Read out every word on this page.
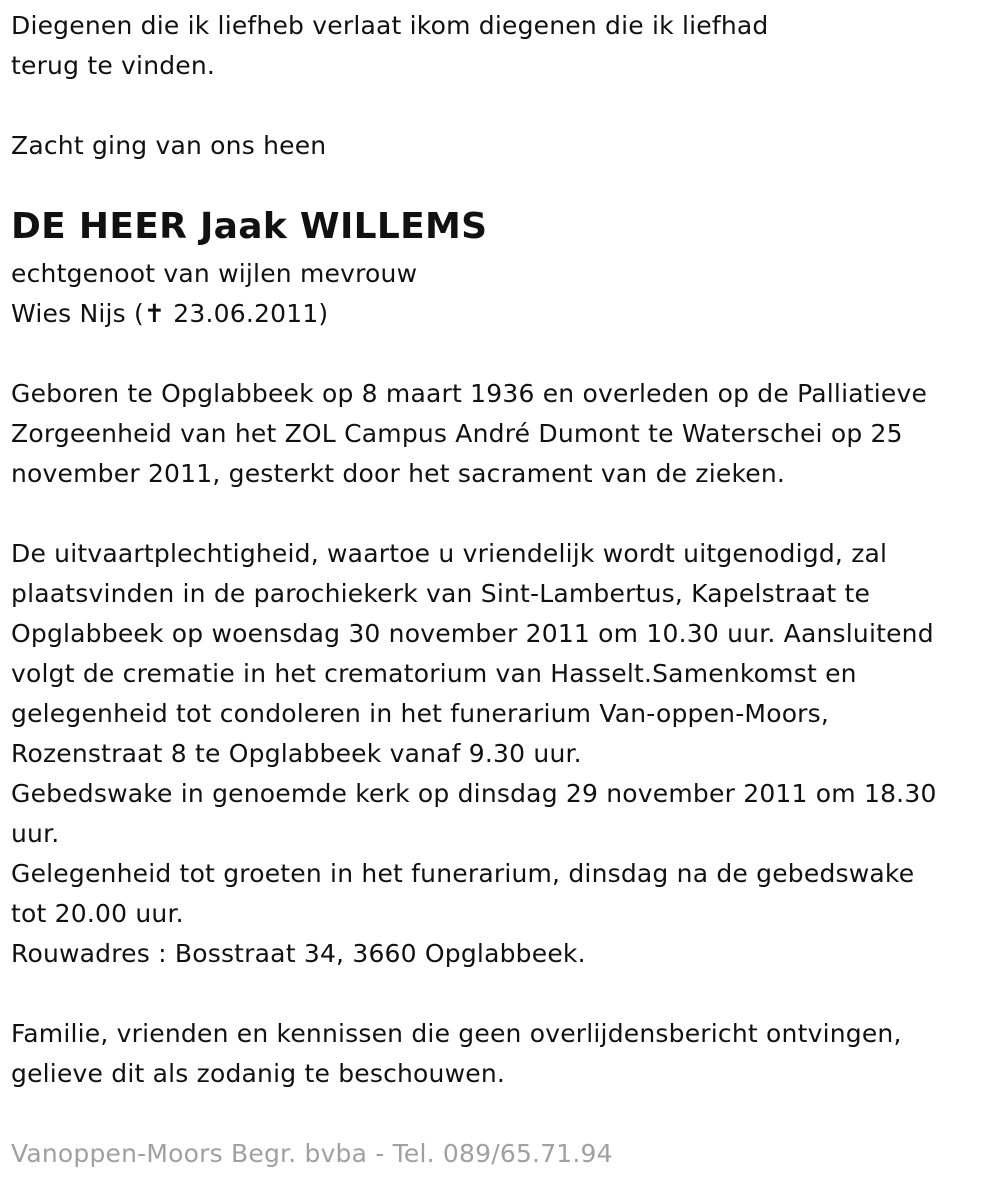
Diegenen die ik liefheb verlaat ikom diegenen die ik liefhad
terug te vinden.
Zacht ging van ons heen
DE HEER Jaak WILLEMS
echtgenoot van wijlen mevrouw
Wies Nijs (✝ 23.06.2011)
Geboren te Opglabbeek op 8 maart 1936 en overleden op de Palliatieve
Zorgeenheid van het ZOL Campus André Dumont te Waterschei op 25
november 2011, gesterkt door het sacrament van de zieken.
De uitvaartplechtigheid, waartoe u vriendelijk wordt uitgenodigd, zal
plaatsvinden in de parochiekerk van Sint-Lambertus, Kapelstraat te
Opglabbeek op woensdag 30 november 2011 om 10.30 uur. Aansluitend
volgt de crematie in het crematorium van Hasselt.Samenkomst en
gelegenheid tot condoleren in het funerarium Van-oppen-Moors,
Rozenstraat 8 te Opglabbeek vanaf 9.30 uur.
Gebedswake in genoemde kerk op dinsdag 29 november 2011 om 18.30
uur.
Gelegenheid tot groeten in het funerarium, dinsdag na de gebedswake
tot 20.00 uur.
Rouwadres : Bosstraat 34, 3660 Opglabbeek.
Familie, vrienden en kennissen die geen overlijdensbericht ontvingen,
gelieve dit als zodanig te beschouwen.
Vanoppen-Moors Begr. bvba - Tel. 089/65.71.94
